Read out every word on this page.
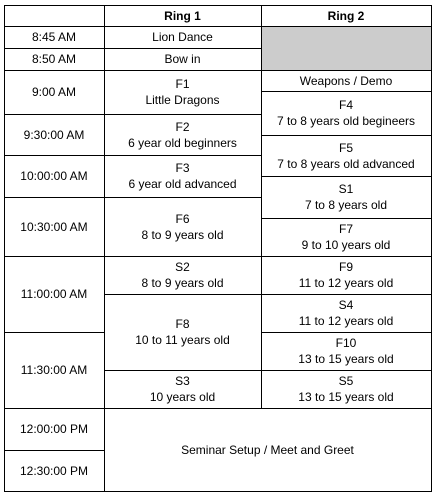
Ring 1	Ring 2
8:45 AM
8:50 AM
9:00 AM
9:30:00 AM
10:00:00 AM
10:30:00 AM
11:00:00 AM
11:30:00 AM
12:00:00 PM
12:30:00 PM
Lion Dance
Bow in
F1
Little Dragons
F2
6 year old beginners
F3
6 year old advanced
F6
8 to 9 years old
S2
8 to 9 years old
F8
10 to 11 years old
S3
10 years old
Weapons / Demo
F4
7 to 8 years old begineers
F5
7 to 8 years old advanced
S1
7 to 8 years old
F7
9 to 10 years old
F9
11 to 12 years old
S4
11 to 12 years old
F10
13 to 15 years old
S5
13 to 15 years old
Seminar Setup / Meet and Greet
